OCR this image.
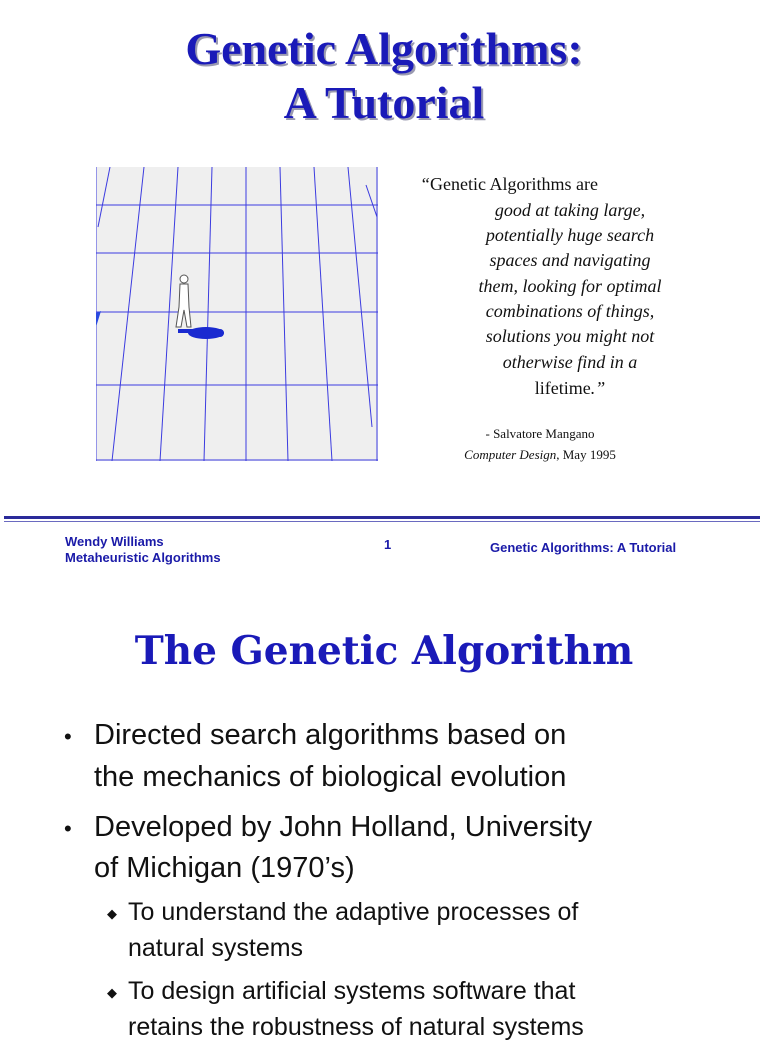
Genetic Algorithms:
A Tutorial
“Genetic Algorithms are
good at taking large,
potentially huge search
spaces and navigating
them, looking for optimal
combinations of things,
solutions you might not
otherwise find in a
lifetime.”
- Salvatore Mangano
Computer Design, May 1995
Wendy Williams
Metaheuristic Algorithms
1	Genetic Algorithms: A Tutorial
The Genetic Algorithm
• Directed search algorithms based on
the mechanics of biological evolution
• Developed by John Holland, University
of Michigan (1970’s)
◆ To understand the adaptive processes of
natural systems
◆ To design artificial systems software that
retains the robustness of natural systems
